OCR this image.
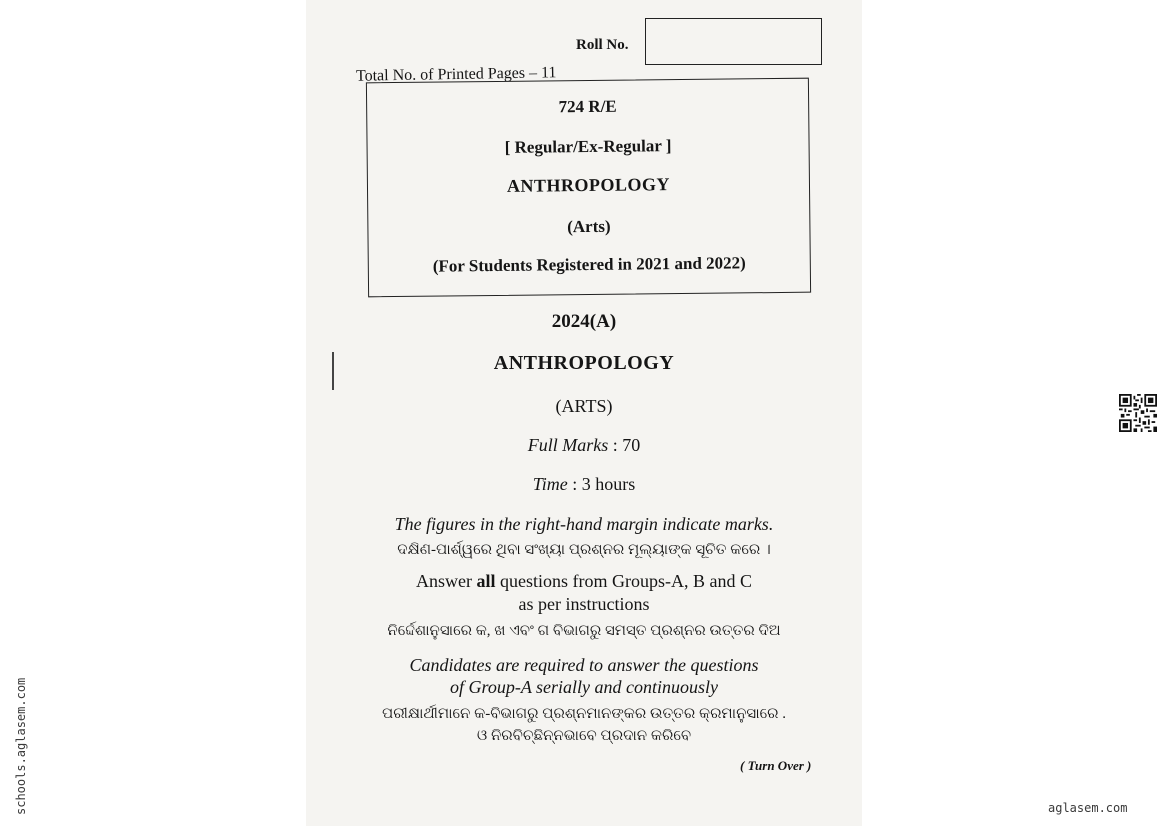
Roll No.
Total No. of Printed Pages – 11
724 R/E
[ Regular/Ex-Regular ]
ANTHROPOLOGY
(Arts)
(For Students Registered in 2021 and 2022)
2024(A)
ANTHROPOLOGY
(ARTS)
Full Marks : 70
Time : 3 hours
The figures in the right-hand margin indicate marks.
ଦକ୍ଷିଣ-ପାର୍ଶ୍ୱରେ ଥିବା ସଂଖ୍ୟା ପ୍ରଶ୍ନର ମୂଲ୍ୟାଙ୍କ ସୂଚିତ କରେ ।
Answer all questions from Groups-A, B and C
as per instructions
ନିର୍ଦ୍ଦେଶାନୁସାରେ କ, ଖ ଏବଂ ଗ ବିଭାଗରୁ ସମସ୍ତ ପ୍ରଶ୍ନର ଉତ୍ତର ଦିଅ
Candidates are required to answer the questions
of Group-A serially and continuously
ପରୀକ୍ଷାର୍ଥୀମାନେ କ-ବିଭାଗରୁ ପ୍ରଶ୍ନମାନଙ୍କର ଉତ୍ତର କ୍ରମାନୁସାରେ .
ଓ ନିରବିଚ୍ଛିନ୍ନଭାବେ ପ୍ରଦାନ କରିବେ
( Turn Over )
schools.aglasem.com	aglasem.com
